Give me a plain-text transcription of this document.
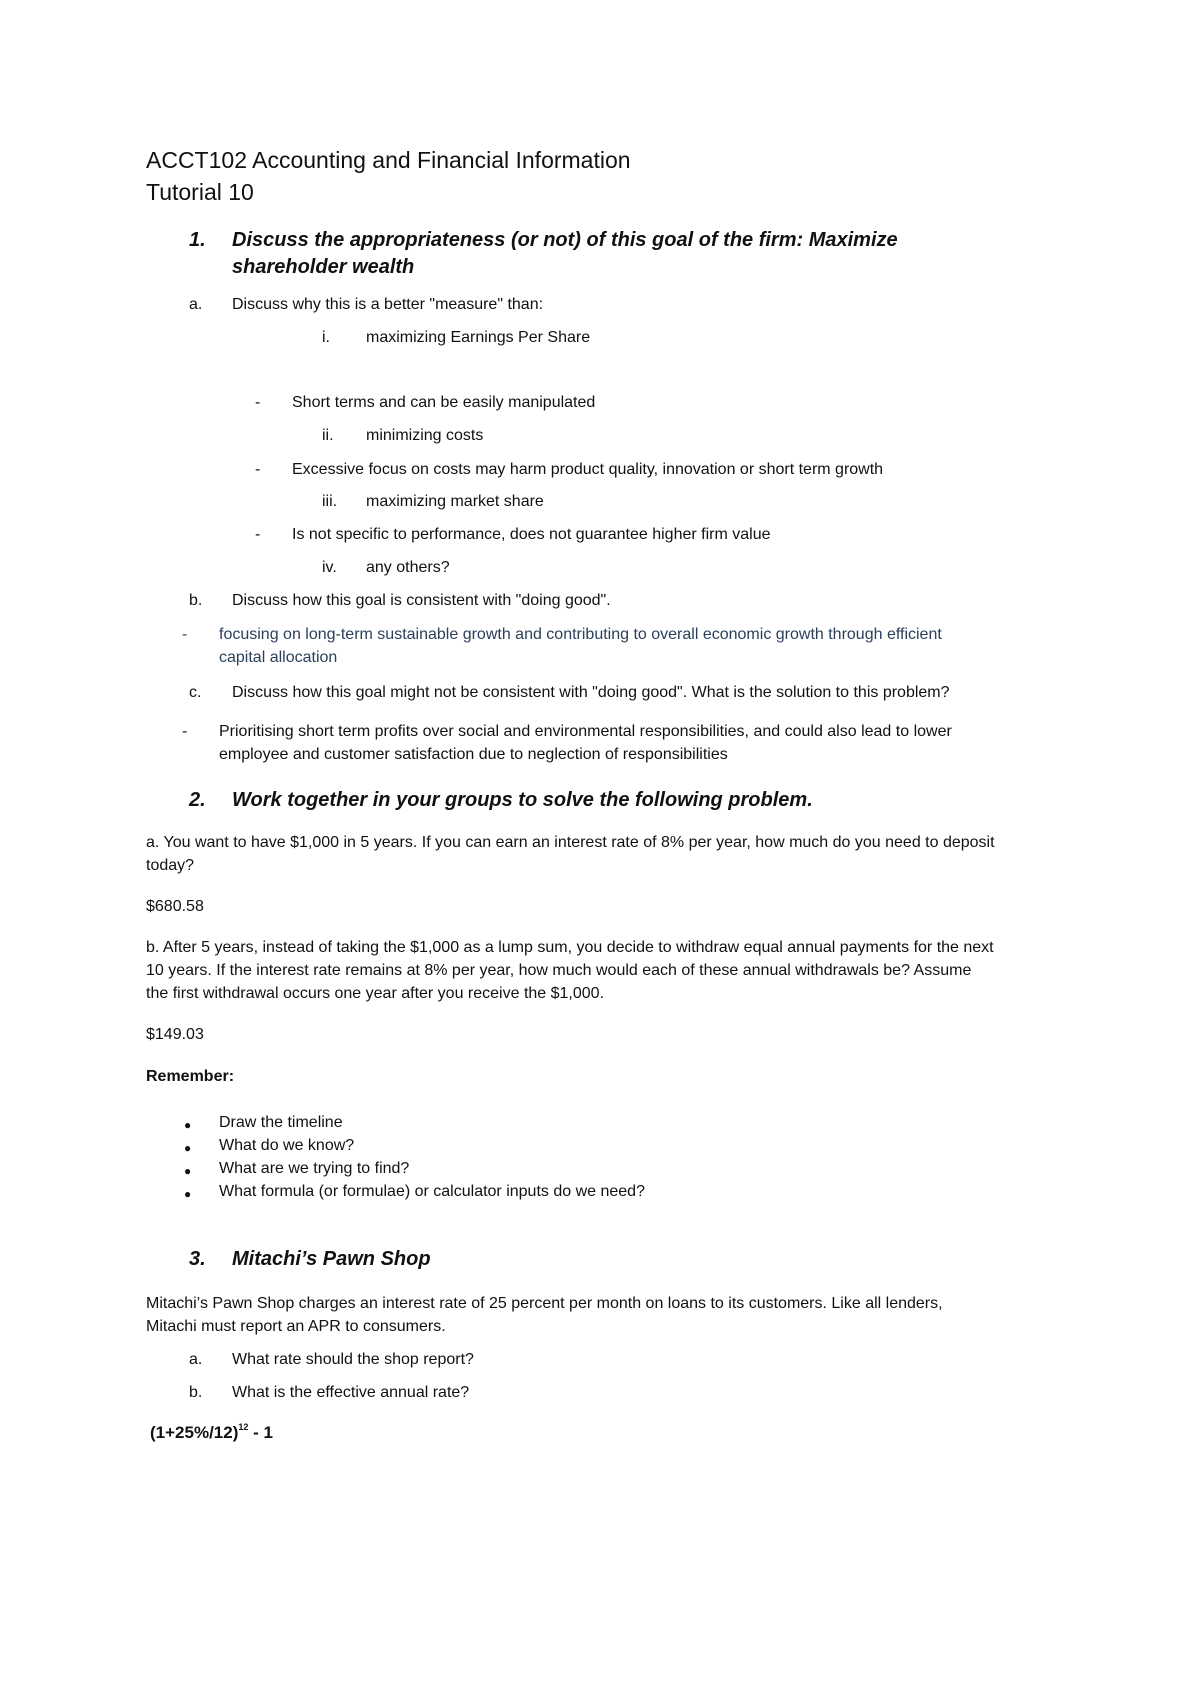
ACCT102 Accounting and Financial Information
Tutorial 10
1. Discuss the appropriateness (or not) of this goal of the firm: Maximize
shareholder wealth
a. Discuss why this is a better "measure" than:
i. maximizing Earnings Per Share
- Short terms and can be easily manipulated
ii. minimizing costs
- Excessive focus on costs may harm product quality, innovation or short term growth
iii. maximizing market share
- Is not specific to performance, does not guarantee higher firm value
iv. any others?
b. Discuss how this goal is consistent with "doing good".
- focusing on long-term sustainable growth and contributing to overall economic growth through efficient
capital allocation
c. Discuss how this goal might not be consistent with "doing good". What is the solution to this problem?
- Prioritising short term profits over social and environmental responsibilities, and could also lead to lower
employee and customer satisfaction due to neglection of responsibilities
2. Work together in your groups to solve the following problem.
a. You want to have $1,000 in 5 years. If you can earn an interest rate of 8% per year, how much do you need to deposit
today?
$680.58
b. After 5 years, instead of taking the $1,000 as a lump sum, you decide to withdraw equal annual payments for the next
10 years. If the interest rate remains at 8% per year, how much would each of these annual withdrawals be? Assume
the first withdrawal occurs one year after you receive the $1,000.
$149.03
Remember:
● Draw the timeline
● What do we know?
● What are we trying to find?
● What formula (or formulae) or calculator inputs do we need?
3. Mitachi’s Pawn Shop
Mitachi’s Pawn Shop charges an interest rate of 25 percent per month on loans to its customers. Like all lenders,
Mitachi must report an APR to consumers.
a. What rate should the shop report?
b. What is the effective annual rate?
$(1+25\%/12)^{12} - 1$
